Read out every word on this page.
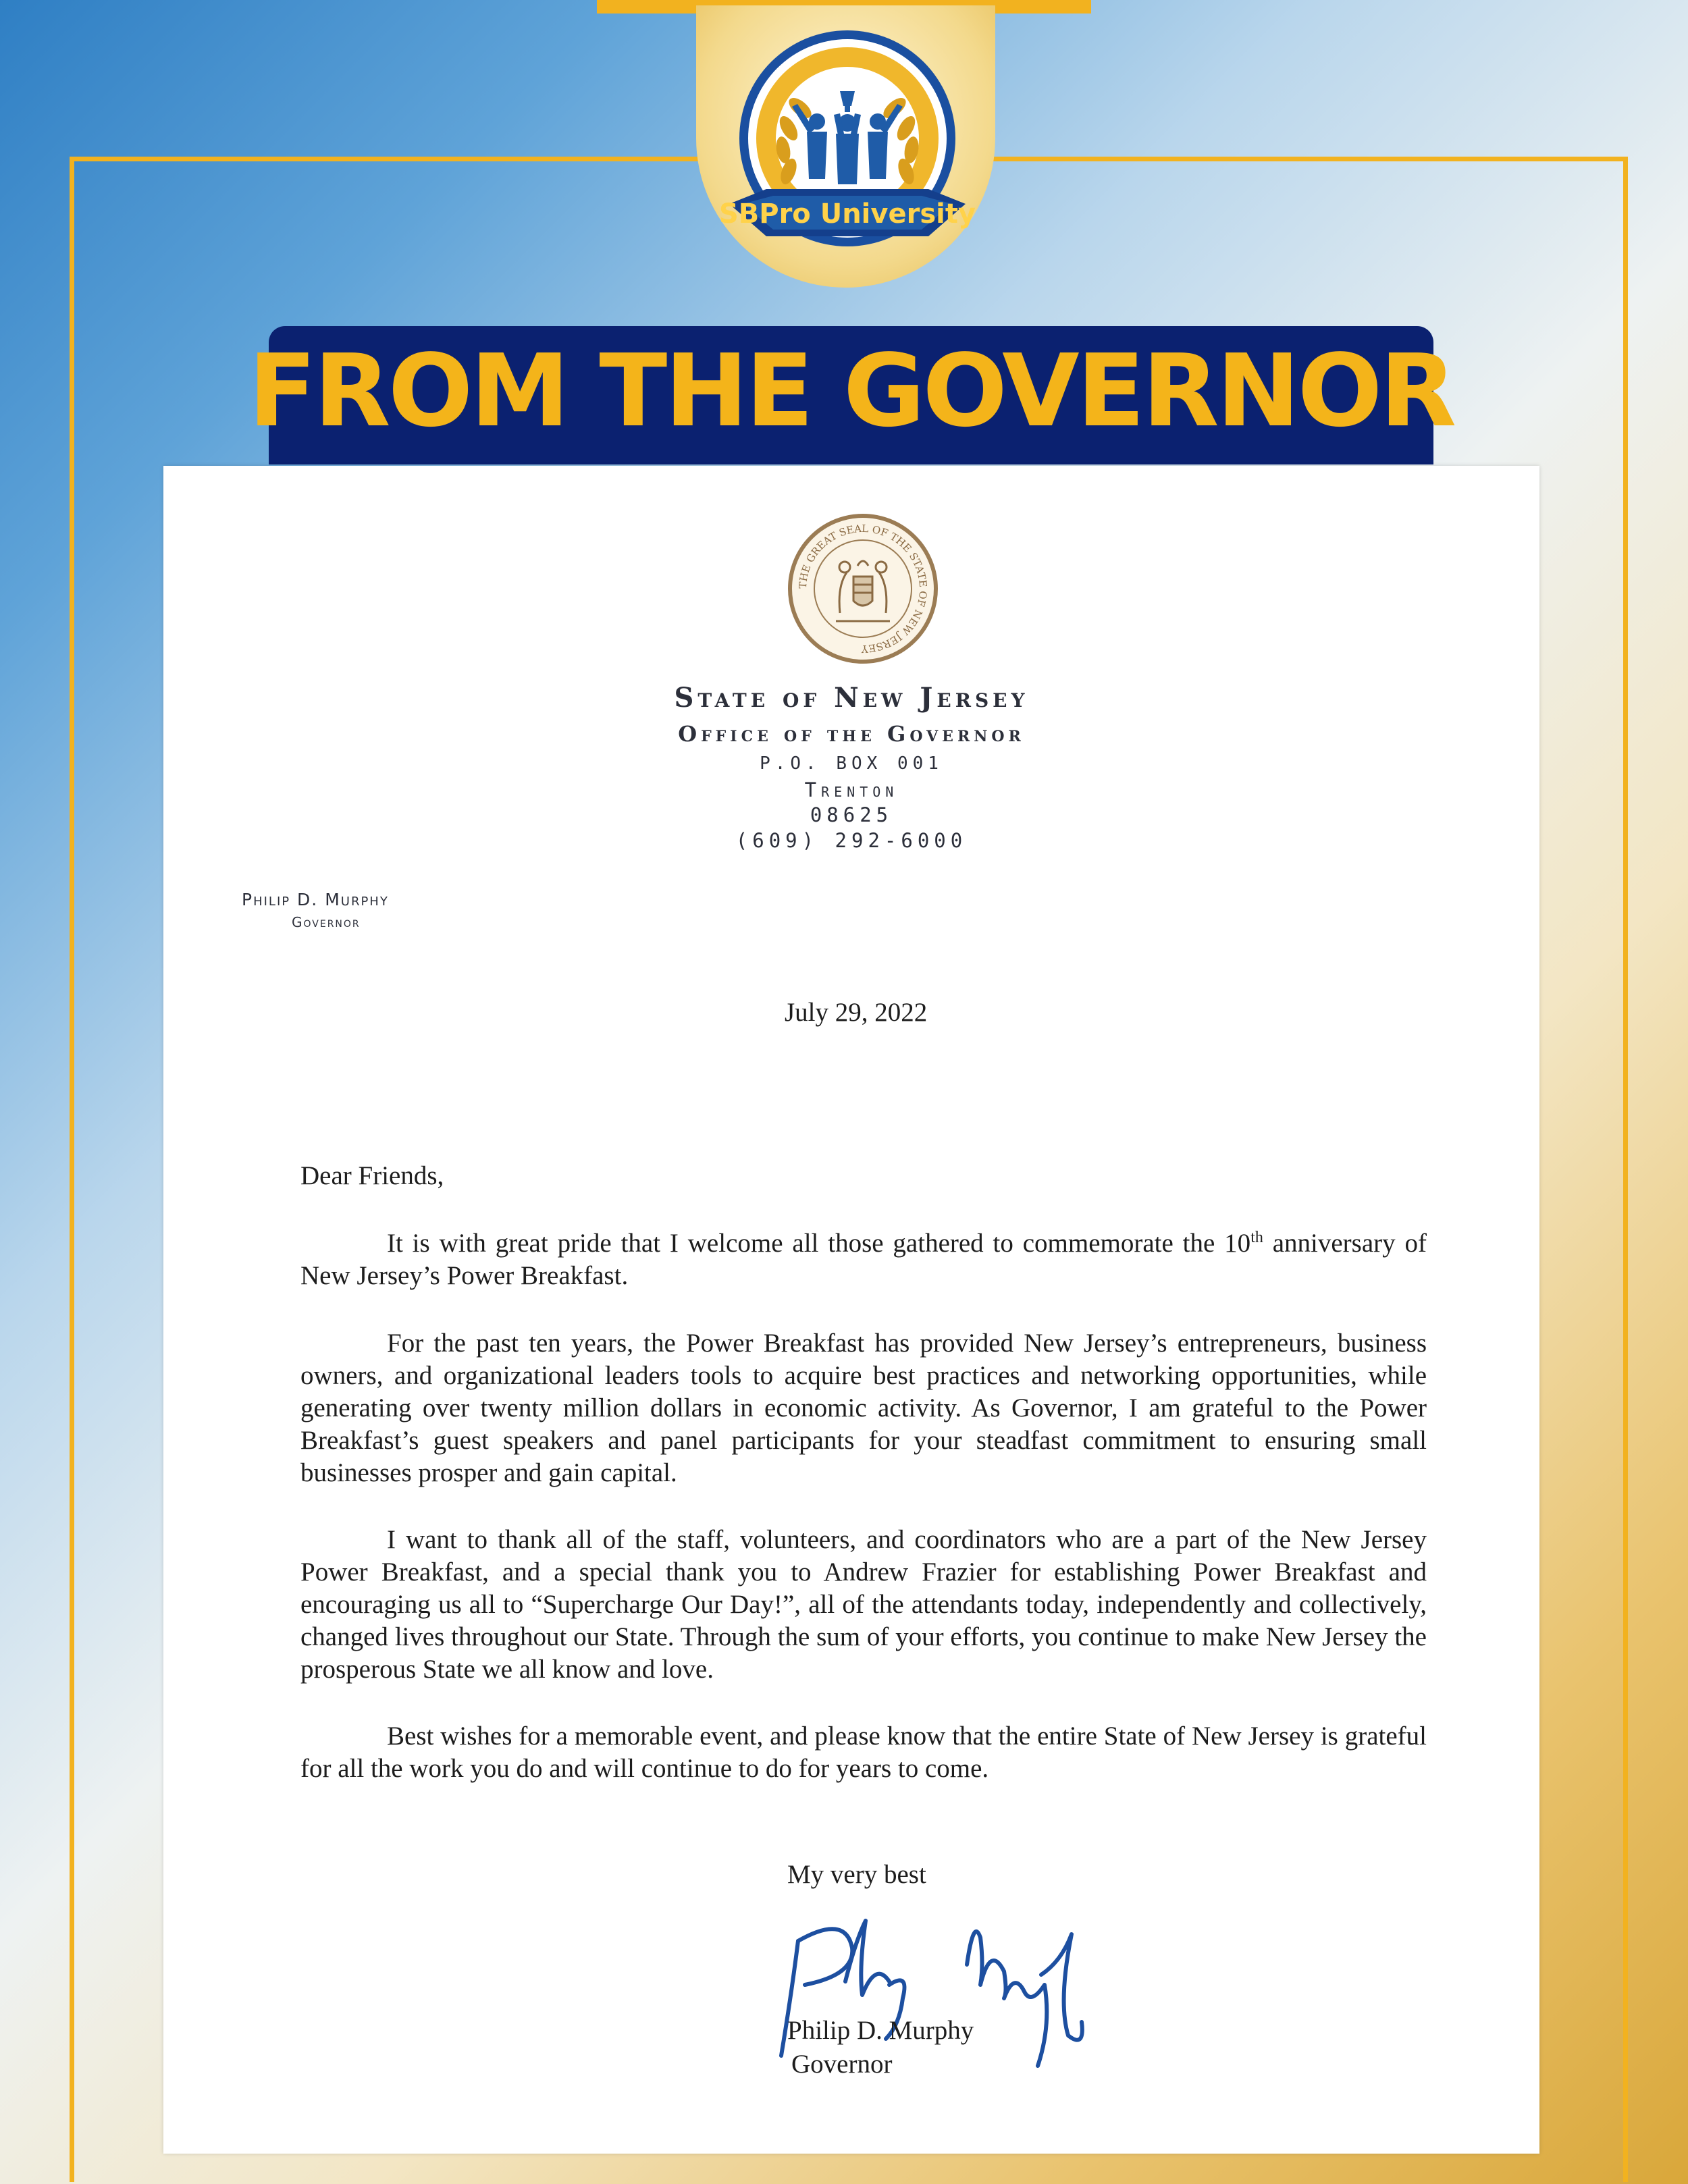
SBPro University
FROM THE GOVERNOR
THE GREAT SEAL OF THE STATE OF NEW JERSEY
State of New Jersey
Office of the Governor
P.O. BOX 001
Trenton
08625
(609) 292-6000
Philip D. Murphy
Governor
July 29, 2022
Dear Friends,

It is with great pride that I welcome all those gathered to commemorate the 10th anniversary of New Jersey’s Power Breakfast.

For the past ten years, the Power Breakfast has provided New Jersey’s entrepreneurs, business owners, and organizational leaders tools to acquire best practices and networking opportunities, while generating over twenty million dollars in economic activity. As Governor, I am grateful to the Power Breakfast’s guest speakers and panel participants for your steadfast commitment to ensuring small businesses prosper and gain capital.

I want to thank all of the staff, volunteers, and coordinators who are a part of the New Jersey Power Breakfast, and a special thank you to Andrew Frazier for establishing Power Breakfast and encouraging us all to “Supercharge Our Day!”, all of the attendants today, independently and collectively, changed lives throughout our State. Through the sum of your efforts, you continue to make New Jersey the prosperous State we all know and love.

Best wishes for a memorable event, and please know that the entire State of New Jersey is grateful for all the work you do and will continue to do for years to come.

My very best
Philip D. Murphy
Governor
